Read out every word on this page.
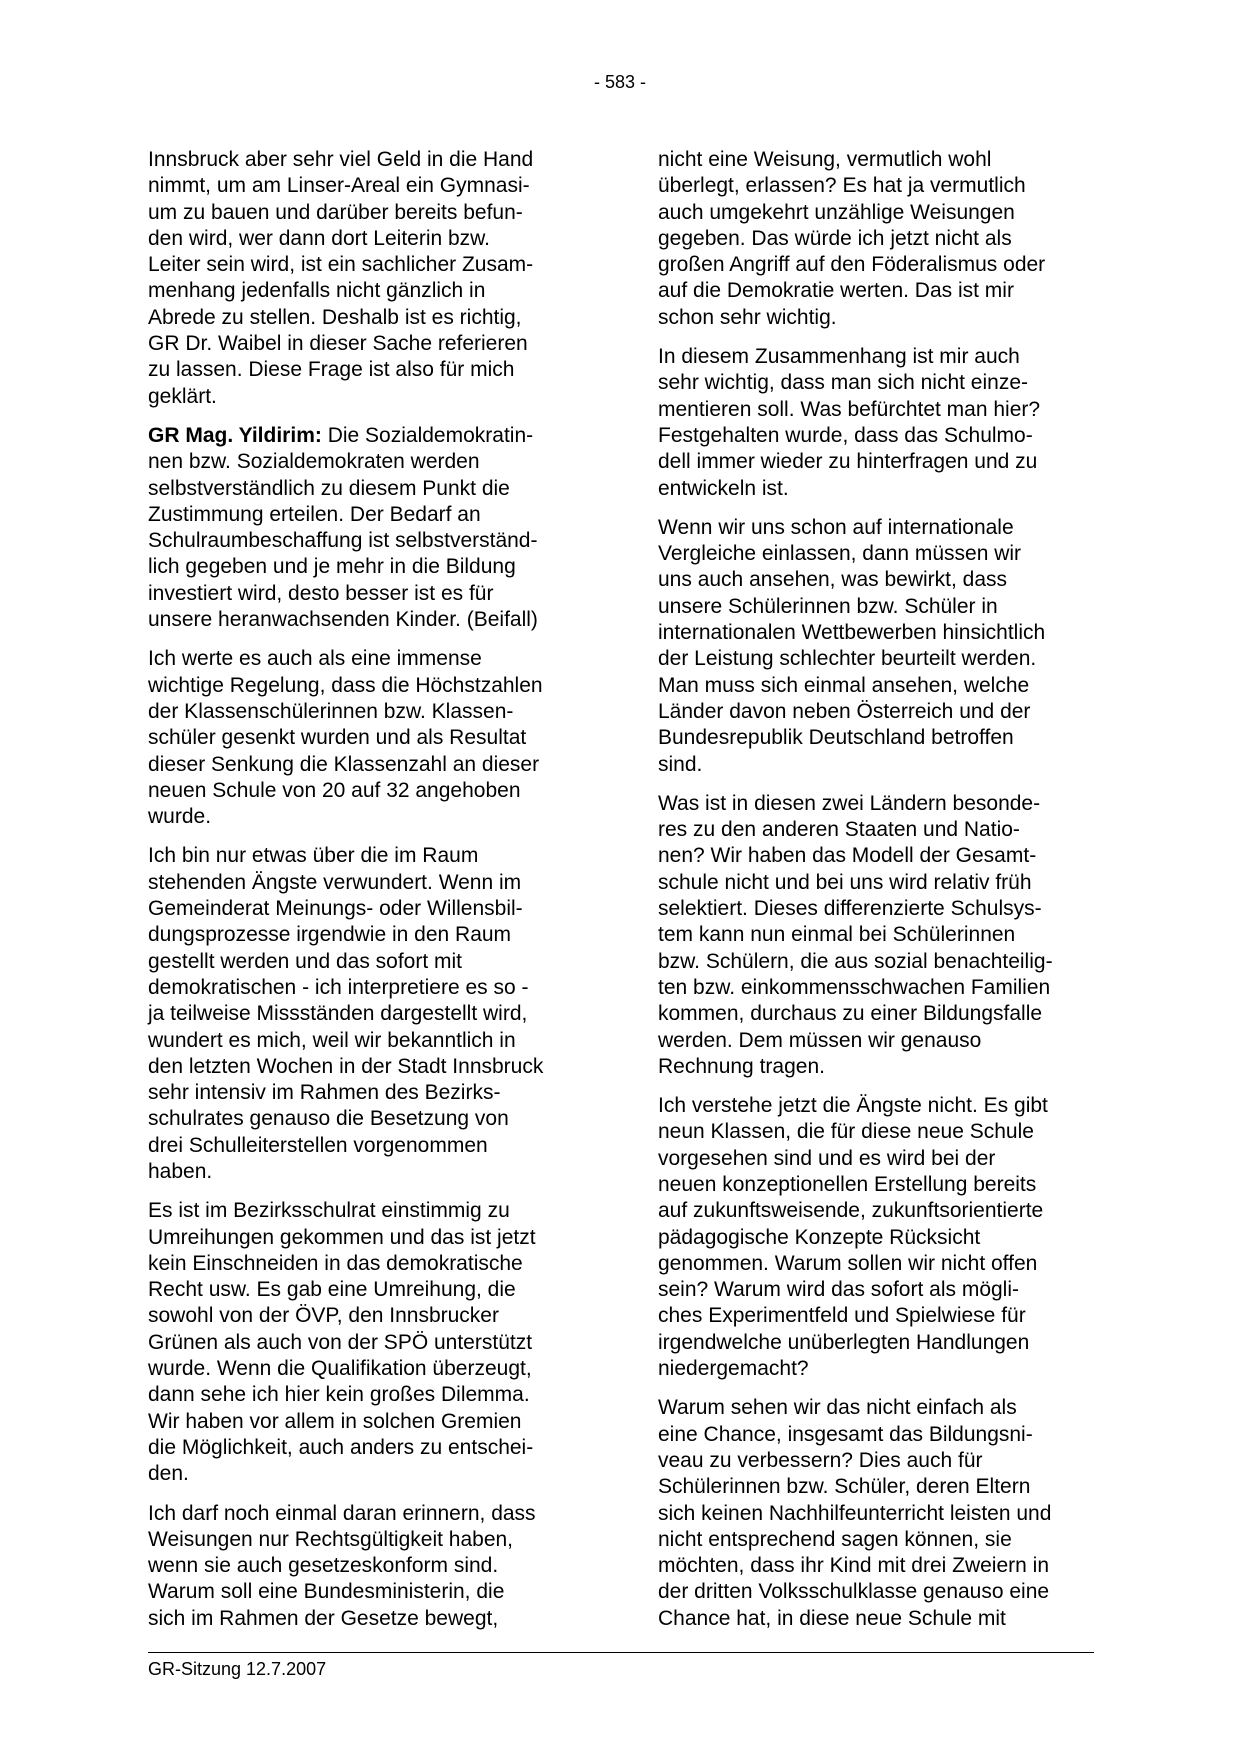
- 583 -

Innsbruck aber sehr viel Geld in die Hand
nimmt, um am Linser-Areal ein Gymnasi-
um zu bauen und darüber bereits befun-
den wird, wer dann dort Leiterin bzw.
Leiter sein wird, ist ein sachlicher Zusam-
menhang jedenfalls nicht gänzlich in
Abrede zu stellen. Deshalb ist es richtig,
GR Dr. Waibel in dieser Sache referieren
zu lassen. Diese Frage ist also für mich
geklärt.

GR Mag. Yildirim: Die Sozialdemokratin-
nen bzw. Sozialdemokraten werden
selbstverständlich zu diesem Punkt die
Zustimmung erteilen. Der Bedarf an
Schulraumbeschaffung ist selbstverständ-
lich gegeben und je mehr in die Bildung
investiert wird, desto besser ist es für
unsere heranwachsenden Kinder. (Beifall)

Ich werte es auch als eine immense
wichtige Regelung, dass die Höchstzahlen
der Klassenschülerinnen bzw. Klassen-
schüler gesenkt wurden und als Resultat
dieser Senkung die Klassenzahl an dieser
neuen Schule von 20 auf 32 angehoben
wurde.

Ich bin nur etwas über die im Raum
stehenden Ängste verwundert. Wenn im
Gemeinderat Meinungs- oder Willensbil-
dungsprozesse irgendwie in den Raum
gestellt werden und das sofort mit
demokratischen - ich interpretiere es so -
ja teilweise Missständen dargestellt wird,
wundert es mich, weil wir bekanntlich in
den letzten Wochen in der Stadt Innsbruck
sehr intensiv im Rahmen des Bezirks-
schulrates genauso die Besetzung von
drei Schulleiterstellen vorgenommen
haben.

Es ist im Bezirksschulrat einstimmig zu
Umreihungen gekommen und das ist jetzt
kein Einschneiden in das demokratische
Recht usw. Es gab eine Umreihung, die
sowohl von der ÖVP, den Innsbrucker
Grünen als auch von der SPÖ unterstützt
wurde. Wenn die Qualifikation überzeugt,
dann sehe ich hier kein großes Dilemma.
Wir haben vor allem in solchen Gremien
die Möglichkeit, auch anders zu entschei-
den.

Ich darf noch einmal daran erinnern, dass
Weisungen nur Rechtsgültigkeit haben,
wenn sie auch gesetzeskonform sind.
Warum soll eine Bundesministerin, die
sich im Rahmen der Gesetze bewegt,

nicht eine Weisung, vermutlich wohl
überlegt, erlassen? Es hat ja vermutlich
auch umgekehrt unzählige Weisungen
gegeben. Das würde ich jetzt nicht als
großen Angriff auf den Föderalismus oder
auf die Demokratie werten. Das ist mir
schon sehr wichtig.

In diesem Zusammenhang ist mir auch
sehr wichtig, dass man sich nicht einze-
mentieren soll. Was befürchtet man hier?
Festgehalten wurde, dass das Schulmo-
dell immer wieder zu hinterfragen und zu
entwickeln ist.

Wenn wir uns schon auf internationale
Vergleiche einlassen, dann müssen wir
uns auch ansehen, was bewirkt, dass
unsere Schülerinnen bzw. Schüler in
internationalen Wettbewerben hinsichtlich
der Leistung schlechter beurteilt werden.
Man muss sich einmal ansehen, welche
Länder davon neben Österreich und der
Bundesrepublik Deutschland betroffen
sind.

Was ist in diesen zwei Ländern besonde-
res zu den anderen Staaten und Natio-
nen? Wir haben das Modell der Gesamt-
schule nicht und bei uns wird relativ früh
selektiert. Dieses differenzierte Schulsys-
tem kann nun einmal bei Schülerinnen
bzw. Schülern, die aus sozial benachteilig-
ten bzw. einkommensschwachen Familien
kommen, durchaus zu einer Bildungsfalle
werden. Dem müssen wir genauso
Rechnung tragen.

Ich verstehe jetzt die Ängste nicht. Es gibt
neun Klassen, die für diese neue Schule
vorgesehen sind und es wird bei der
neuen konzeptionellen Erstellung bereits
auf zukunftsweisende, zukunftsorientierte
pädagogische Konzepte Rücksicht
genommen. Warum sollen wir nicht offen
sein? Warum wird das sofort als mögli-
ches Experimentfeld und Spielwiese für
irgendwelche unüberlegten Handlungen
niedergemacht?

Warum sehen wir das nicht einfach als
eine Chance, insgesamt das Bildungsni-
veau zu verbessern? Dies auch für
Schülerinnen bzw. Schüler, deren Eltern
sich keinen Nachhilfeunterricht leisten und
nicht entsprechend sagen können, sie
möchten, dass ihr Kind mit drei Zweiern in
der dritten Volksschulklasse genauso eine
Chance hat, in diese neue Schule mit

GR-Sitzung 12.7.2007
